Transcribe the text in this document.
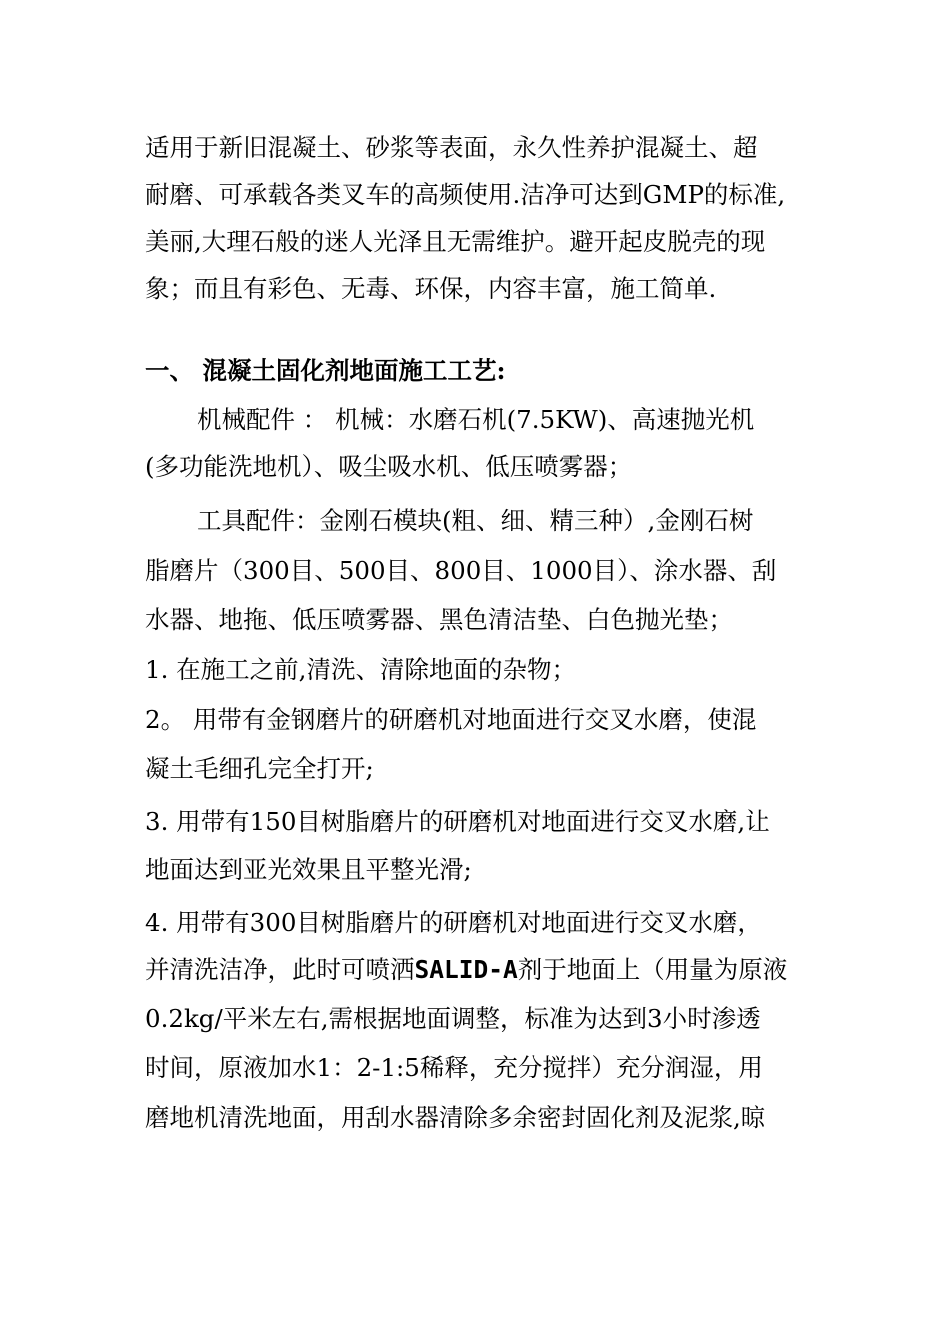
适用于新旧混凝土、砂浆等表面，永久性养护混凝土、超
耐磨、可承载各类叉车的高频使用.洁净可达到GMP的标准,
美丽,大理石般的迷人光泽且无需维护。避开起皮脱壳的现
象；而且有彩色、无毒、环保，内容丰富，施工简单.
一、 混凝土固化剂地面施工工艺:
机械配件 ： 机械：水磨石机(7.5KW)、高速抛光机
(多功能洗地机）、吸尘吸水机、低压喷雾器；
工具配件：金刚石模块(粗、细、精三种）,金刚石树
脂磨片（300目、500目、800目、1000目）、涂水器、刮
水器、地拖、低压喷雾器、黑色清洁垫、白色抛光垫；
1. 在施工之前,清洗、清除地面的杂物；
2。 用带有金钢磨片的研磨机对地面进行交叉水磨，使混
凝土毛细孔完全打开;
3. 用带有150目树脂磨片的研磨机对地面进行交叉水磨,让
地面达到亚光效果且平整光滑;
4. 用带有300目树脂磨片的研磨机对地面进行交叉水磨，
并清洗洁净，此时可喷洒SALID-A剂于地面上（用量为原液
0.2kg/平米左右,需根据地面调整，标准为达到3小时渗透
时间，原液加水1：2-1:5稀释，充分搅拌）充分润湿，用
磨地机清洗地面，用刮水器清除多余密封固化剂及泥浆,晾
